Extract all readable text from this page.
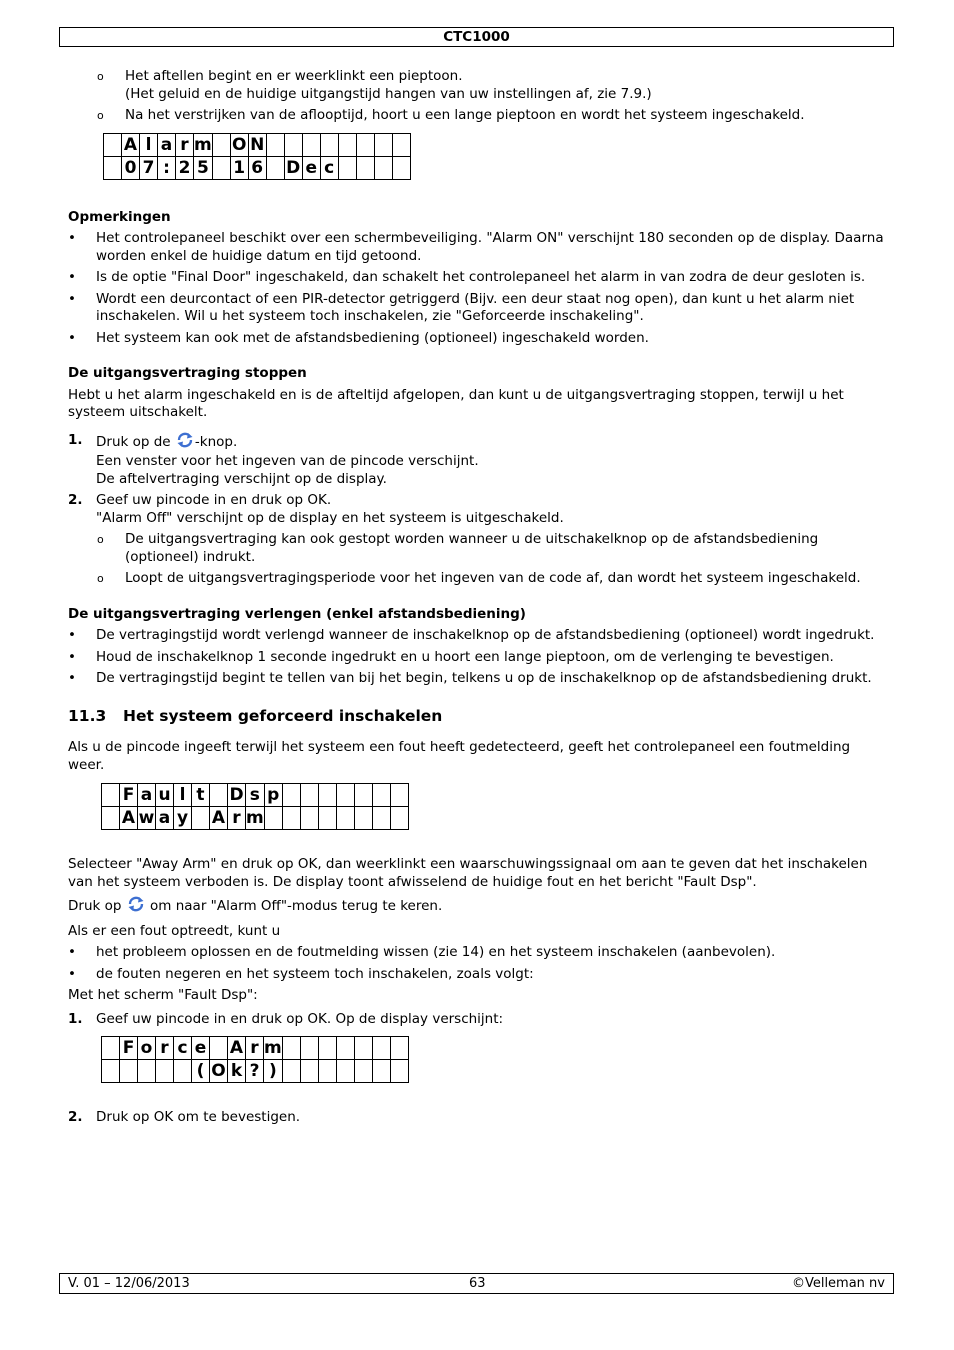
CTC1000
o Het aftellen begint en er weerklinkt een pieptoon.
(Het geluid en de huidige uitgangstijd hangen van uw instellingen af, zie 7.9.)
o Na het verstrijken van de aflooptijd, hoort u een lange pieptoon en wordt het systeem ingeschakeld.
	A	l	a	r	m		O	N								
	0	7	:	2	5		1	6		D	e	c				

Opmerkingen

• Het controlepaneel beschikt over een schermbeveiliging. "Alarm ON" verschijnt 180 seconden op de display. Daarna worden enkel de huidige datum en tijd getoond.
• Is de optie "Final Door" ingeschakeld, dan schakelt het controlepaneel het alarm in van zodra de deur gesloten is.
• Wordt een deurcontact of een PIR-detector getriggerd (Bijv. een deur staat nog open), dan kunt u het alarm niet inschakelen. Wil u het systeem toch inschakelen, zie "Geforceerde inschakeling".
• Het systeem kan ook met de afstandsbediening (optioneel) ingeschakeld worden.

De uitgangsvertraging stoppen

Hebt u het alarm ingeschakeld en is de afteltijd afgelopen, dan kunt u de uitgangsvertraging stoppen, terwijl u het systeem uitschakelt.

1. Druk op de -knop.
Een venster voor het ingeven van de pincode verschijnt.
De aftelvertraging verschijnt op de display.
2. Geef uw pincode in en druk op OK.
"Alarm Off" verschijnt op de display en het systeem is uitgeschakeld.
o De uitgangsvertraging kan ook gestopt worden wanneer u de uitschakelknop op de afstandsbediening (optioneel) indrukt.
o Loopt de uitgangsvertragingsperiode voor het ingeven van de code af, dan wordt het systeem ingeschakeld.

De uitgangsvertraging verlengen (enkel afstandsbediening)

• De vertragingstijd wordt verlengd wanneer de inschakelknop op de afstandsbediening (optioneel) wordt ingedrukt.
• Houd de inschakelknop 1 seconde ingedrukt en u hoort een lange pieptoon, om de verlenging te bevestigen.
• De vertragingstijd begint te tellen van bij het begin, telkens u op de inschakelknop op de afstandsbediening drukt.
11.3 Het systeem geforceerd inschakelen

Als u de pincode ingeeft terwijl het systeem een fout heeft gedetecteerd, geeft het controlepaneel een foutmelding weer.

	F	a	u	l	t		D	s	p							
	A	w	a	y		A	r	m								

Selecteer "Away Arm" en druk op OK, dan weerklinkt een waarschuwingssignaal om aan te geven dat het inschakelen van het systeem verboden is. De display toont afwisselend de huidige fout en het bericht "Fault Dsp".

Druk op  om naar "Alarm Off"-modus terug te keren.

Als er een fout optreedt, kunt u

• het probleem oplossen en de foutmelding wissen (zie 14) en het systeem inschakelen (aanbevolen).
• de fouten negeren en het systeem toch inschakelen, zoals volgt:

Met het scherm "Fault Dsp":

1. Geef uw pincode in en druk op OK. Op de display verschijnt:
	F	o	r	c	e		A	r	m							
					(	O	k	?	)							
2. Druk op OK om te bevestigen.
V. 01 – 12/06/2013	63	©Velleman nv
